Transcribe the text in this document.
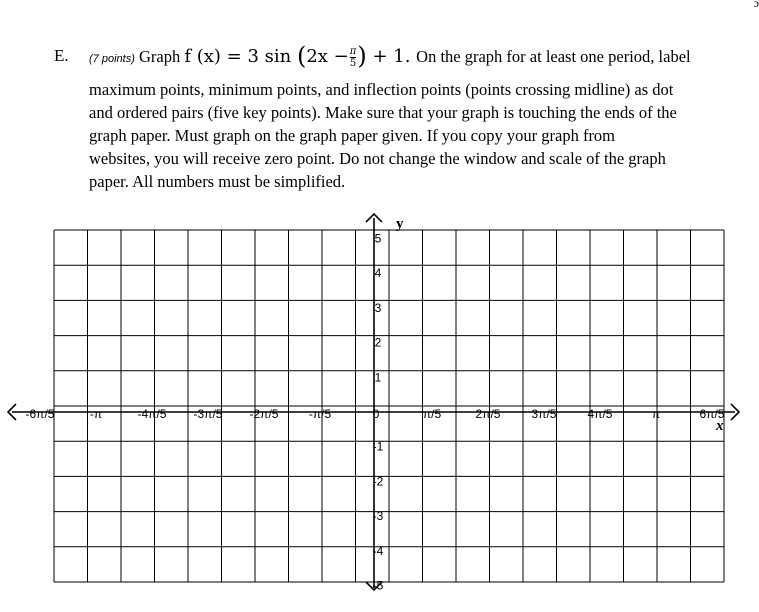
ɔ
E. (7 points) Graph f (x) = 3 $\sin (2x - \frac{\pi}{5}$ ) + 1. On the graph for at least one period, label
maximum points, minimum points, and inflection points (points crossing midline) as dot
and ordered pairs (five key points). Make sure that your graph is touching the ends of the
graph paper. Must graph on the graph paper given. If you copy your graph from
websites, you will receive zero point. Do not change the window and scale of the graph
paper. All numbers must be simplified.
-6π/5	-π	-4π/5 -3π/5 -2π/5	-π/5	0	π/5	2π/5	3π/5	4π/5	π	6π/5
5
4
3
2
1
-1
-2
-3
-4
-5
y
x
